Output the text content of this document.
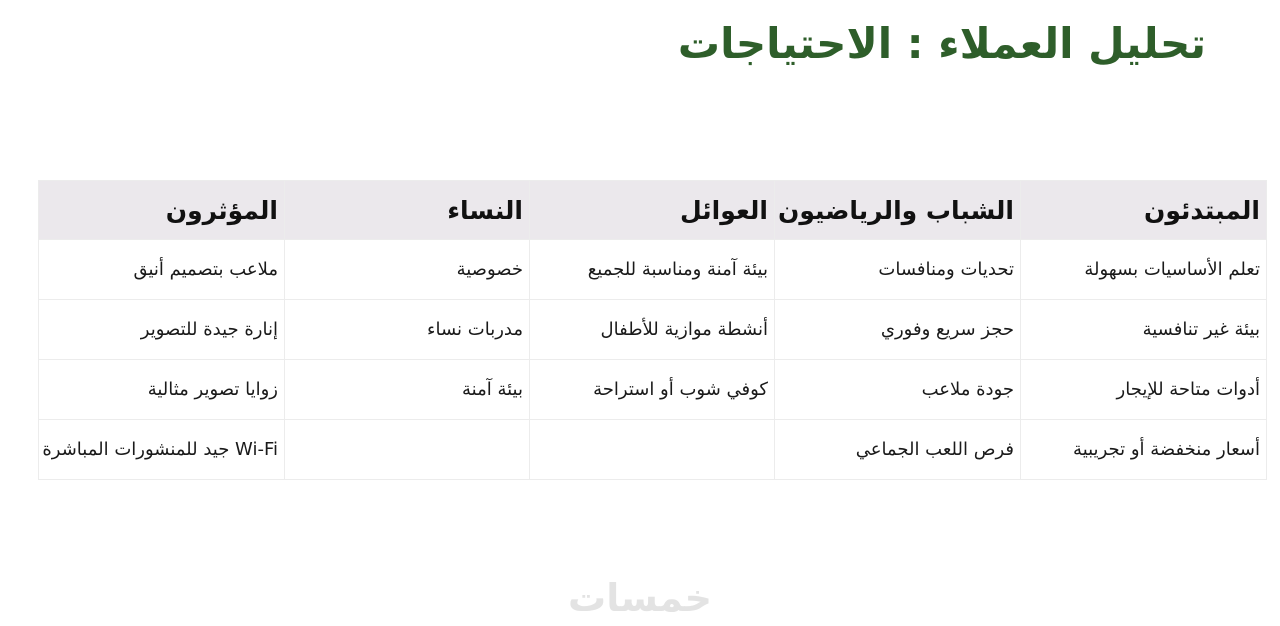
تحليل العملاء : الاحتياجات
المبتدئون	الشباب والرياضيون	العوائل	النساء	المؤثرون
تعلم الأساسيات بسهولة	تحديات ومنافسات	بيئة آمنة ومناسبة للجميع	خصوصية	ملاعب بتصميم أنيق
بيئة غير تنافسية	حجز سريع وفوري	أنشطة موازية للأطفال	مدربات نساء	إنارة جيدة للتصوير
أدوات متاحة للإيجار	جودة ملاعب	كوفي شوب أو استراحة	بيئة آمنة	زوايا تصوير مثالية
أسعار منخفضة أو تجريبية	فرص اللعب الجماعي			Wi-Fi جيد للمنشورات المباشرة
خمسات
